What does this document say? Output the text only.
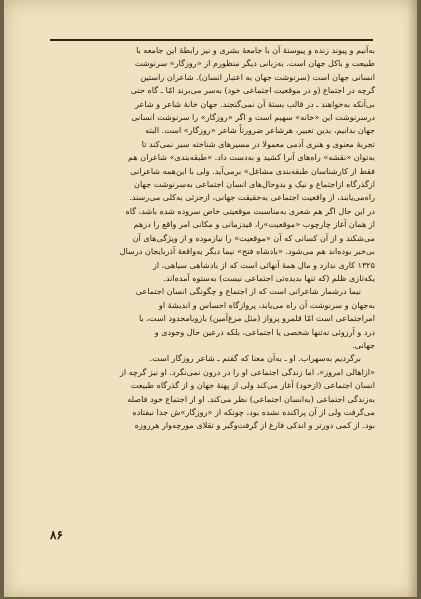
به‌آنیم و پیوند زنده و پیوستهٔ آن با جامعهٔ بشری و نیز رابطهٔ این جامعه با
طبیعت و باکل جهان است. به‌زبانی دیگر منظورم از «روزگار» سرنوشت
انسانی جهان است (سرنوشت جهان به اعتبار انسان). شاعران راستین
گرچه در اجتماع (و در موقعیت اجتماعی خود) به‌سر می‌برند امّا ـ گاه حتی
بی‌آنکه به‌خواهند ـ در قالب بستهٔ آن نمی‌گنجند. جهان خانهٔ شاعر و شاعر
درسرنوشت این «خانه» سهیم است و اگر «روزگار» را سرنوشت انسانی
جهان بدانیم، بدین تعبیر، هرشاعر ضرورتاً شاعر «روزگار» است. البته
تجربهٔ معنوی و هنری آدمی معمولا در مسیرهای شناخته سیر نمی‌کند تا
به‌توان «نقشه» راه‌های آنرا کشید و به‌دست داد. «طبقه‌بندی» شاعران هم
فقط از کارشناسان طبقه‌بندی مشاغل» برمی‌آید. ولی با این‌همه شاعرانی
ازگذرگاه ازاجتماع و نیک و بدوحال‌های انسان اجتماعی به‌سرنوشت جهان
راه‌می‌یابند، از واقعیت اجتماعی به‌حقیقت جهانی، ازجزئی به‌کلی می‌رسند.
در این حال اگر هم شعری به‌مناسبت موقعیتی خاص سروده شده باشد، گاه
از همان آغاز چارچوب «موقعیت»را، قیدزمانی و مکانی امر واقع را درهم
می‌شکند و از آن کسانی که آن «موقعیت» را نیازموده و از ویژگی‌های آن
بی‌خبر بوده‌اند هم می‌شود. «بادشاه فتح» نیما دیگر به‌واقعهٔ آذربایجان درسال
۱۳۲۵ کاری ندارد و مال همهٔ آنهائی است که از بادشاهی سیاهی، از
یکه‌تازی ظلم (که تنها بدیده‌تی اجتماعی نیست) به‌ستوه آمده‌اند.
نیما درشمار شاعرانی است که از اجتماع و چگونگی انسان اجتماعی
به‌جهان و سرنوشت آن راه می‌یابد، پروازگاه احساس و اندیشهٔ او
امراجتماعی است امّا قلمرو پرواز (مثل مرغ‌آمین) بازوبامحدود است، با
درد و آرزوئی نه‌تنها شخصی یا اجتماعی، بلکه درعین حال وجودی و
جهانی.
برگردیم به‌سهراب. او ـ به‌آن معنا که گفتم ـ شاعر روزگار است.
«ازاهالی امروز»، اما زندگی اجتماعی او را در درون نمی‌نگرد. او نیز گرچه از
انسان اجتماعی (ازخود) آغاز می‌کند ولی از پهنهٔ جهان و از گذرگاه طبیعت
به‌زندگی اجتماعی (به‌انسان اجتماعی) نظر می‌کند. او از اجتماع خود فاصله
می‌گرفت ولی از آن پراکنده نشده بود، چونکه از «روزگار»ش جدا نبفتاده
بود. از کمی دورتر و اندکی فارغ از گرفت‌وگیر و تقلای مورچه‌وار هرروزه
۸۶
